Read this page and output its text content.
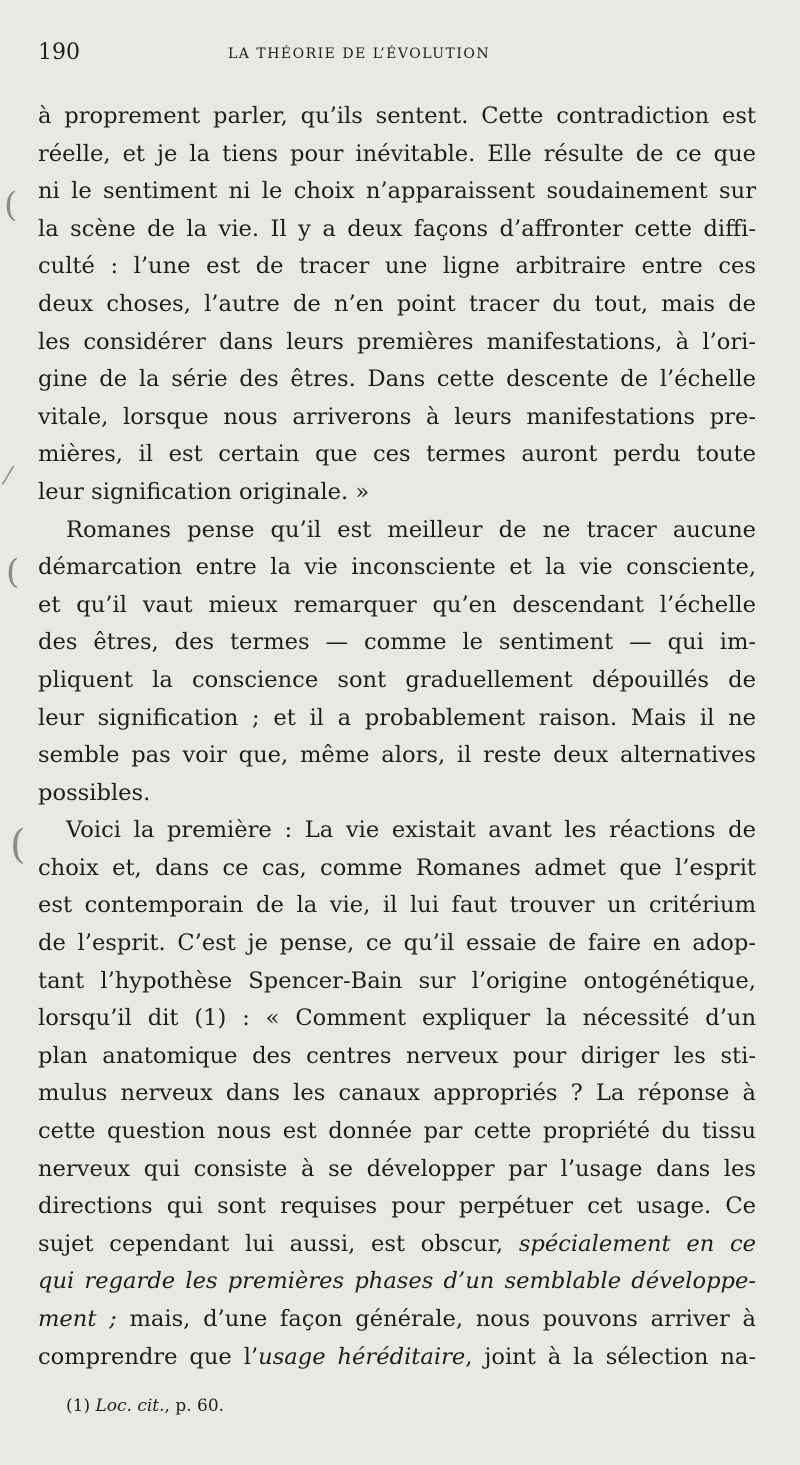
190	LA THÉORIE DE L’ÉVOLUTION
(
⁄
(
(

à proprement parler, qu’ils sentent. Cette contradiction est
réelle, et je la tiens pour inévitable. Elle résulte de ce que
ni le sentiment ni le choix n’apparaissent soudainement sur
la scène de la vie. Il y a deux façons d’affronter cette diffi-
culté : l’une est de tracer une ligne arbitraire entre ces
deux choses, l’autre de n’en point tracer du tout, mais de
les considérer dans leurs premières manifestations, à l’ori-
gine de la série des êtres. Dans cette descente de l’échelle
vitale, lorsque nous arriverons à leurs manifestations pre-
mières, il est certain que ces termes auront perdu toute
leur signification originale. »

Romanes pense qu’il est meilleur de ne tracer aucune
démarcation entre la vie inconsciente et la vie consciente,
et qu’il vaut mieux remarquer qu’en descendant l’échelle
des êtres, des termes — comme le sentiment — qui im-
pliquent la conscience sont graduellement dépouillés de
leur signification ; et il a probablement raison. Mais il ne
semble pas voir que, même alors, il reste deux alternatives
possibles.

Voici la première : La vie existait avant les réactions de
choix et, dans ce cas, comme Romanes admet que l’esprit
est contemporain de la vie, il lui faut trouver un critérium
de l’esprit. C’est je pense, ce qu’il essaie de faire en adop-
tant l’hypothèse Spencer-Bain sur l’origine ontogénétique,
lorsqu’il dit (1) : « Comment expliquer la nécessité d’un
plan anatomique des centres nerveux pour diriger les sti-
mulus nerveux dans les canaux appropriés ? La réponse à
cette question nous est donnée par cette propriété du tissu
nerveux qui consiste à se développer par l’usage dans les
directions qui sont requises pour perpétuer cet usage. Ce
sujet cependant lui aussi, est obscur, spécialement en ce
qui regarde les premières phases d’un semblable développe-
ment ; mais, d’une façon générale, nous pouvons arriver à
comprendre que l’usage héréditaire, joint à la sélection na-

(1) Loc. cit., p. 60.
